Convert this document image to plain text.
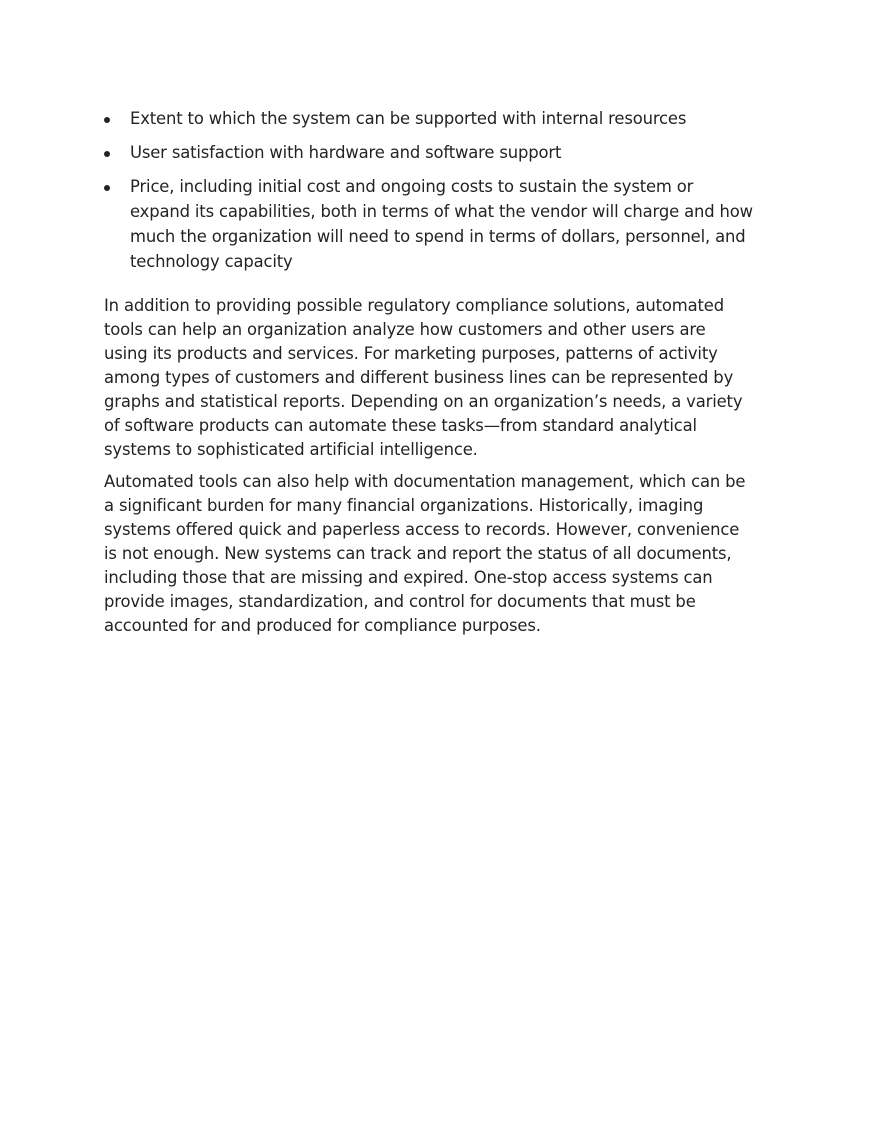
Extent to which the system can be supported with internal resources
User satisfaction with hardware and software support
Price, including initial cost and ongoing costs to sustain the system or expand its capabilities, both in terms of what the vendor will charge and how much the organization will need to spend in terms of dollars, personnel, and technology capacity

In addition to providing possible regulatory compliance solutions, automated tools can help an organization analyze how customers and other users are using its products and services. For marketing purposes, patterns of activity among types of customers and different business lines can be represented by graphs and statistical reports. Depending on an organization’s needs, a variety of software products can automate these tasks—from standard analytical systems to sophisticated artificial intelligence.

Automated tools can also help with documentation management, which can be a significant burden for many financial organizations. Historically, imaging systems offered quick and paperless access to records. However, convenience is not enough. New systems can track and report the status of all documents, including those that are missing and expired. One-stop access systems can provide images, standardization, and control for documents that must be accounted for and produced for compliance purposes.
